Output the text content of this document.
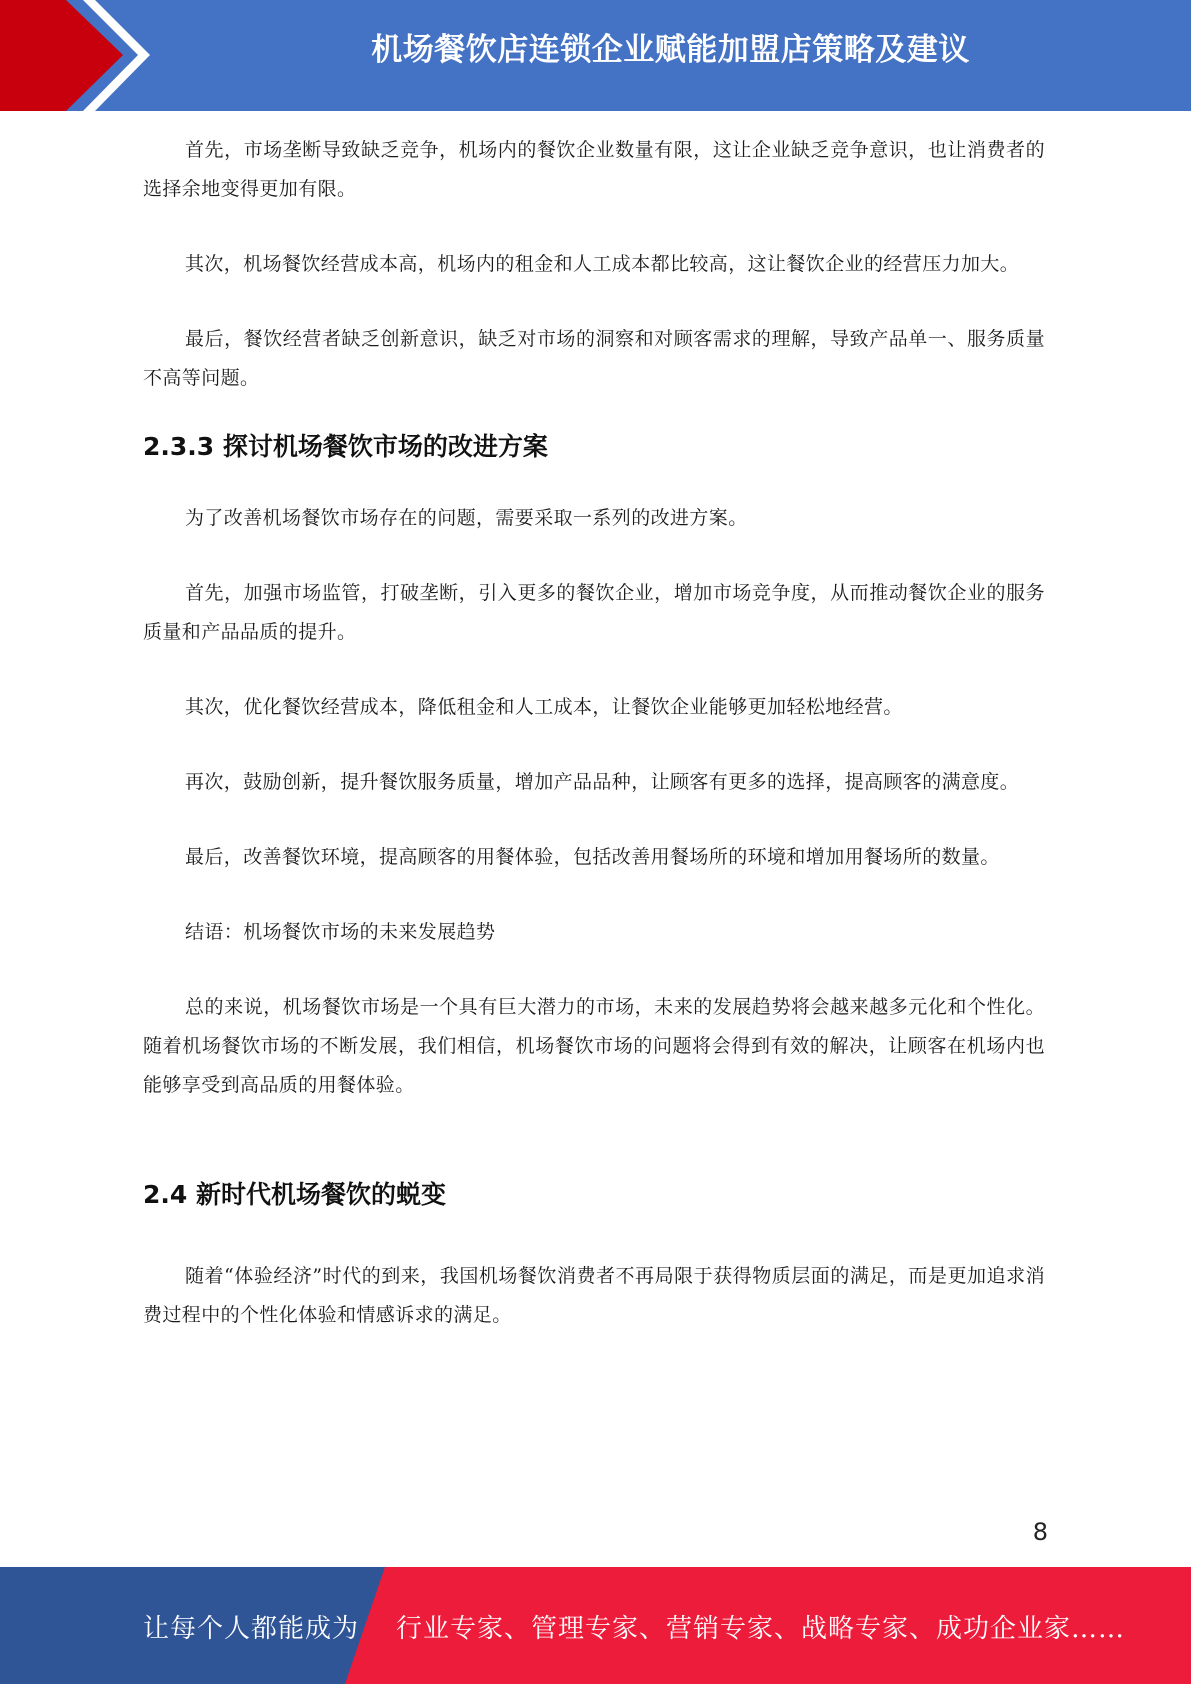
机场餐饮店连锁企业赋能加盟店策略及建议

首先，市场垄断导致缺乏竞争，机场内的餐饮企业数量有限，这让企业缺乏竞争意识，也让消费者的选择余地变得更加有限。

其次，机场餐饮经营成本高，机场内的租金和人工成本都比较高，这让餐饮企业的经营压力加大。

最后，餐饮经营者缺乏创新意识，缺乏对市场的洞察和对顾客需求的理解，导致产品单一、服务质量不高等问题。

2.3.3 探讨机场餐饮市场的改进方案

为了改善机场餐饮市场存在的问题，需要采取一系列的改进方案。

首先，加强市场监管，打破垄断，引入更多的餐饮企业，增加市场竞争度，从而推动餐饮企业的服务质量和产品品质的提升。

其次，优化餐饮经营成本，降低租金和人工成本，让餐饮企业能够更加轻松地经营。

再次，鼓励创新，提升餐饮服务质量，增加产品品种，让顾客有更多的选择，提高顾客的满意度。

最后，改善餐饮环境，提高顾客的用餐体验，包括改善用餐场所的环境和增加用餐场所的数量。

结语：机场餐饮市场的未来发展趋势

总的来说，机场餐饮市场是一个具有巨大潜力的市场，未来的发展趋势将会越来越多元化和个性化。随着机场餐饮市场的不断发展，我们相信，机场餐饮市场的问题将会得到有效的解决，让顾客在机场内也能够享受到高品质的用餐体验。

2.4 新时代机场餐饮的蜕变

随着“体验经济”时代的到来，我国机场餐饮消费者不再局限于获得物质层面的满足，而是更加追求消费过程中的个性化体验和情感诉求的满足。

8
让每个人都能成为 行业专家、管理专家、营销专家、战略专家、成功企业家……
